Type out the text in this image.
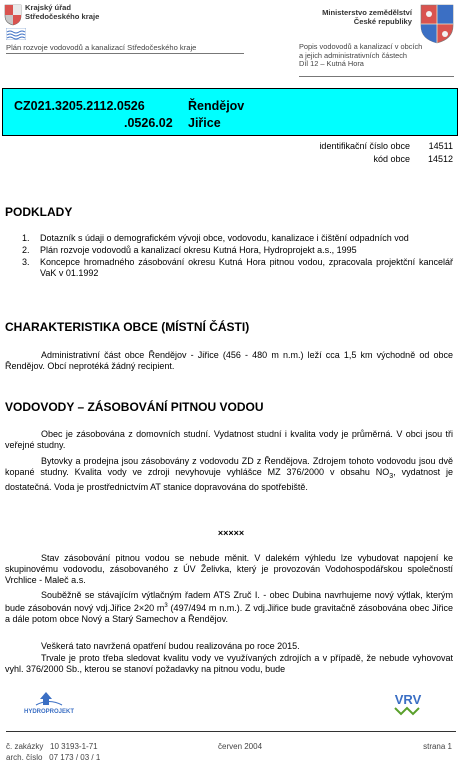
Krajský úřad
Středočeského kraje
Plán rozvoje vodovodů a kanalizací Středočeského kraje
Ministerstvo zemědělství
České republiky
Popis vodovodů a kanalizací v obcích
a jejich administrativních částech
Díl 12 – Kutná Hora
CZ021.3205.2112.0526	Řendějov
.0526.02 Jiřice
identifikační číslo obce 14511
kód obce 14512
PODKLADY
1. Dotazník s údaji o demografickém vývoji obce, vodovodu, kanalizace i čištění odpadních vod
2. Plán rozvoje vodovodů a kanalizací okresu Kutná Hora, Hydroprojekt a.s., 1995
3. Koncepce hromadného zásobování okresu Kutná Hora pitnou vodou, zpracovala projektční kancelář VaK v 01.1992
CHARAKTERISTIKA OBCE (MÍSTNÍ ČÁSTI)

Administrativní část obce Řendějov - Jiřice (456 - 480 m n.m.) leží cca 1,5 km východně od obce Řendějov. Obcí neprotéká žádný recipient.

VODOVODY – ZÁSOBOVÁNÍ PITNOU VODOU

Obec je zásobována z domovních studní. Vydatnost studní i kvalita vody je průměrná. V obci jsou tři veřejné studny.

Bytovky a prodejna jsou zásobovány z vodovodu ZD z Řendějova. Zdrojem tohoto vodovodu jsou dvě kopané studny. Kvalita vody ve zdroji nevyhovuje vyhlášce MZ 376/2000 v obsahu $NO_3$, vydatnost je dostatečná. Voda je prostřednictvím AT stanice dopravována do spotřebiště.

×××××

Stav zásobování pitnou vodou se nebude měnit. V dalekém výhledu lze vybudovat napojení ke skupinovému vodovodu, zásobovaného z ÚV Želivka, který je provozován Vodohospodářskou společností Vrchlice - Maleč a.s.

Souběžně se stávajícím výtlačným řadem ATS Zruč I. - obec Dubina navrhujeme nový výtlak, kterým bude zásobován nový vdj.Jiřice 2×20 $m^3$ (497/494 m n.m.). Z vdj.Jiřice bude gravitačně zásobována obec Jiřice a dále potom obce Nový a Starý Samechov a Řendějov.

Veškerá tato navržená opatření budou realizována po roce 2015.

Trvale je proto třeba sledovat kvalitu vody ve využívaných zdrojích a v případě, že nebude vyhovovat vyhl. 376/2000 Sb., kterou se stanoví požadavky na pitnou vodu, bude

HYDROPROJEKT
VRV
č. zakázky 10 3193-1-71
arch. číslo 07 173 / 03 / 1
červen 2004	strana 1
